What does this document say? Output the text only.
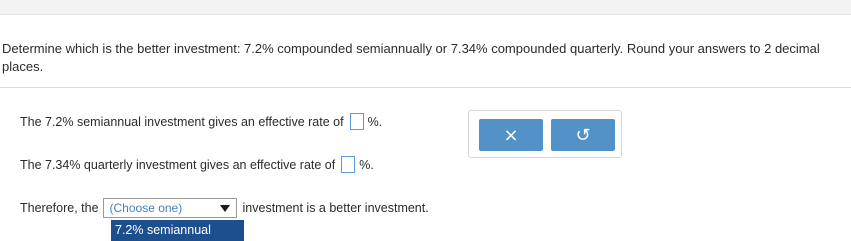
Determine which is the better investment: 7.2% compounded semiannually or 7.34% compounded quarterly. Round your answers to 2 decimal places.
The 7.2% semiannual investment gives an effective rate of %.
The 7.34% quarterly investment gives an effective rate of %.
×	↺
Therefore, the (Choose one)	investment is a better investment.
7.2% semiannual
